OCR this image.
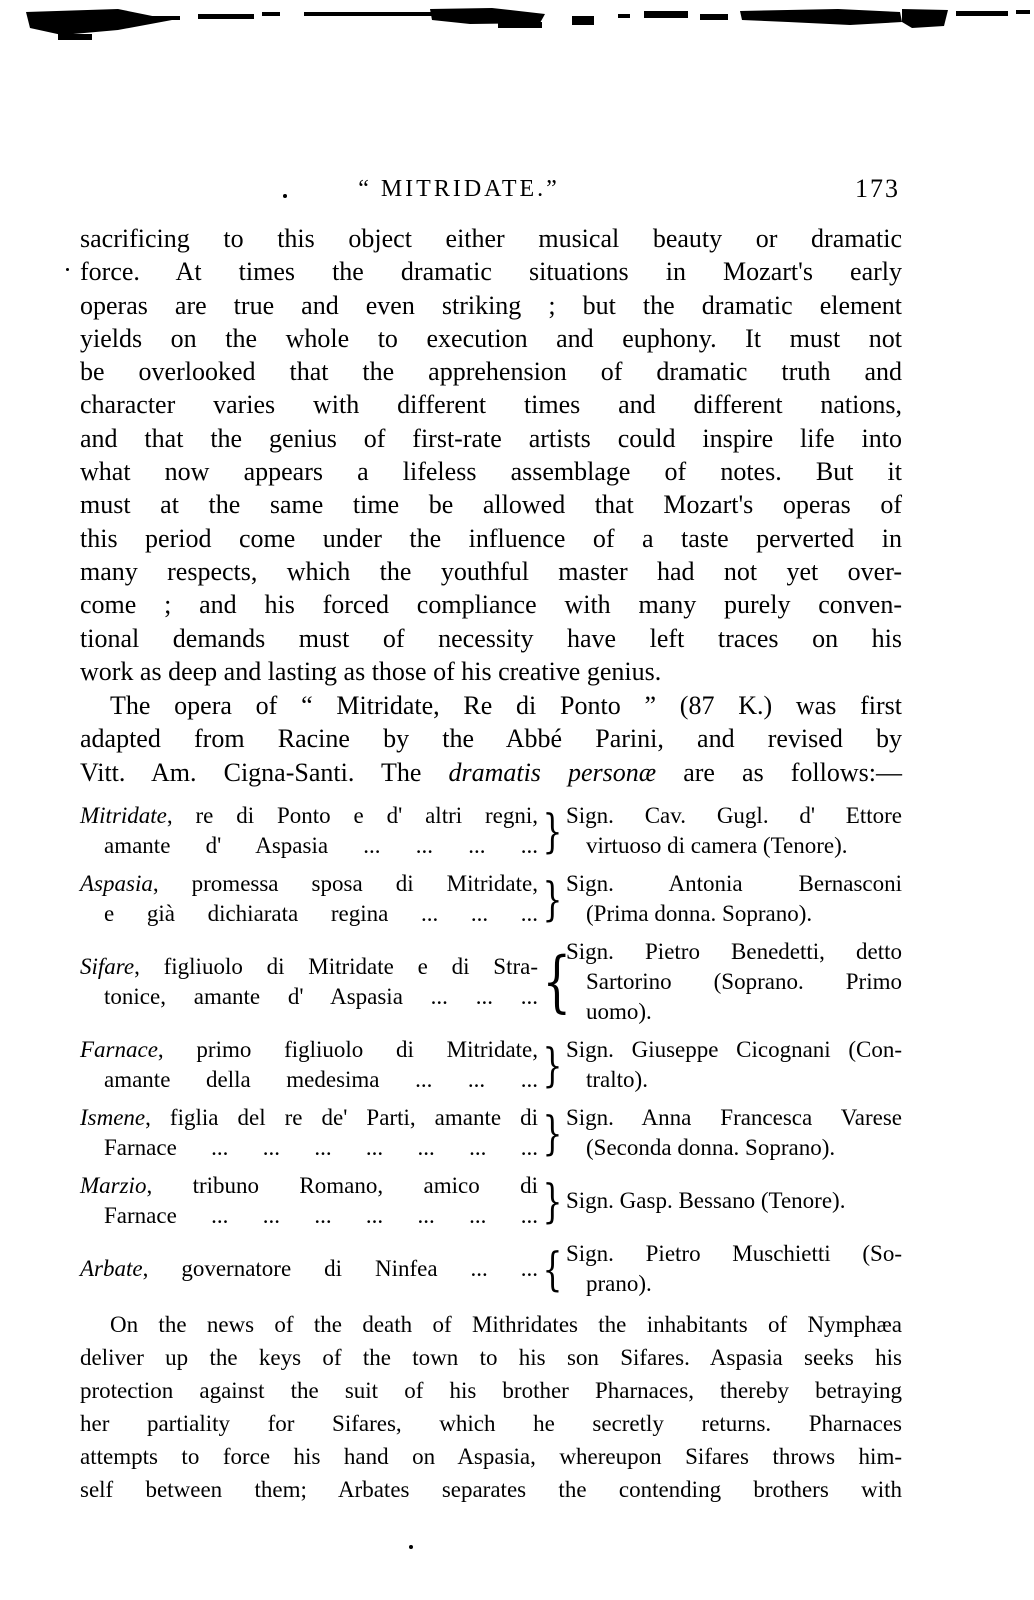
“ MITRIDATE.”	173
sacrificing to this object either musical beauty or dramatic
force. At times the dramatic situations in Mozart's early
operas are true and even striking ; but the dramatic element
yields on the whole to execution and euphony. It must not
be overlooked that the apprehension of dramatic truth and
character varies with different times and different nations,
and that the genius of first-rate artists could inspire life into
what now appears a lifeless assemblage of notes. But it
must at the same time be allowed that Mozart's operas of
this period come under the influence of a taste perverted in
many respects, which the youthful master had not yet over-
come ; and his forced compliance with many purely conven-
tional demands must of necessity have left traces on his
work as deep and lasting as those of his creative genius.
The opera of “ Mitridate, Re di Ponto ” (87 K.) was first
adapted from Racine by the Abbé Parini, and revised by
Vitt. Am. Cigna-Santi. The dramatis personæ are as follows:—
Mitridate, re di Ponto e d' altri regni,
amante d' Aspasia ... ... ... ... } Sign. Cav. Gugl. d' Ettore
virtuoso di camera (Tenore).
Aspasia, promessa sposa di Mitridate,
e già dichiarata regina ... ... ... } Sign. Antonia Bernasconi
(Prima donna. Soprano).
Sifare, figliuolo di Mitridate e di Stra-
tonice, amante d' Aspasia ... ... ... {
Sign. Pietro Benedetti, detto
Sartorino (Soprano. Primo
uomo).
Farnace, primo figliuolo di Mitridate,
amante della medesima ... ... ... } Sign. Giuseppe Cicognani (Con-
tralto).
Ismene, figlia del re de' Parti, amante di
Farnace ... ... ... ... ... ... ... } Sign. Anna Francesca Varese
(Seconda donna. Soprano).
Marzio, tribuno Romano, amico di
Farnace ... ... ... ... ... ... ... } Sign. Gasp. Bessano (Tenore).
Arbate, governatore di Ninfea ... ... { Sign. Pietro Muschietti (So-
prano).
On the news of the death of Mithridates the inhabitants of Nymphæa
deliver up the keys of the town to his son Sifares. Aspasia seeks his
protection against the suit of his brother Pharnaces, thereby betraying
her partiality for Sifares, which he secretly returns. Pharnaces
attempts to force his hand on Aspasia, whereupon Sifares throws him-
self between them; Arbates separates the contending brothers with
